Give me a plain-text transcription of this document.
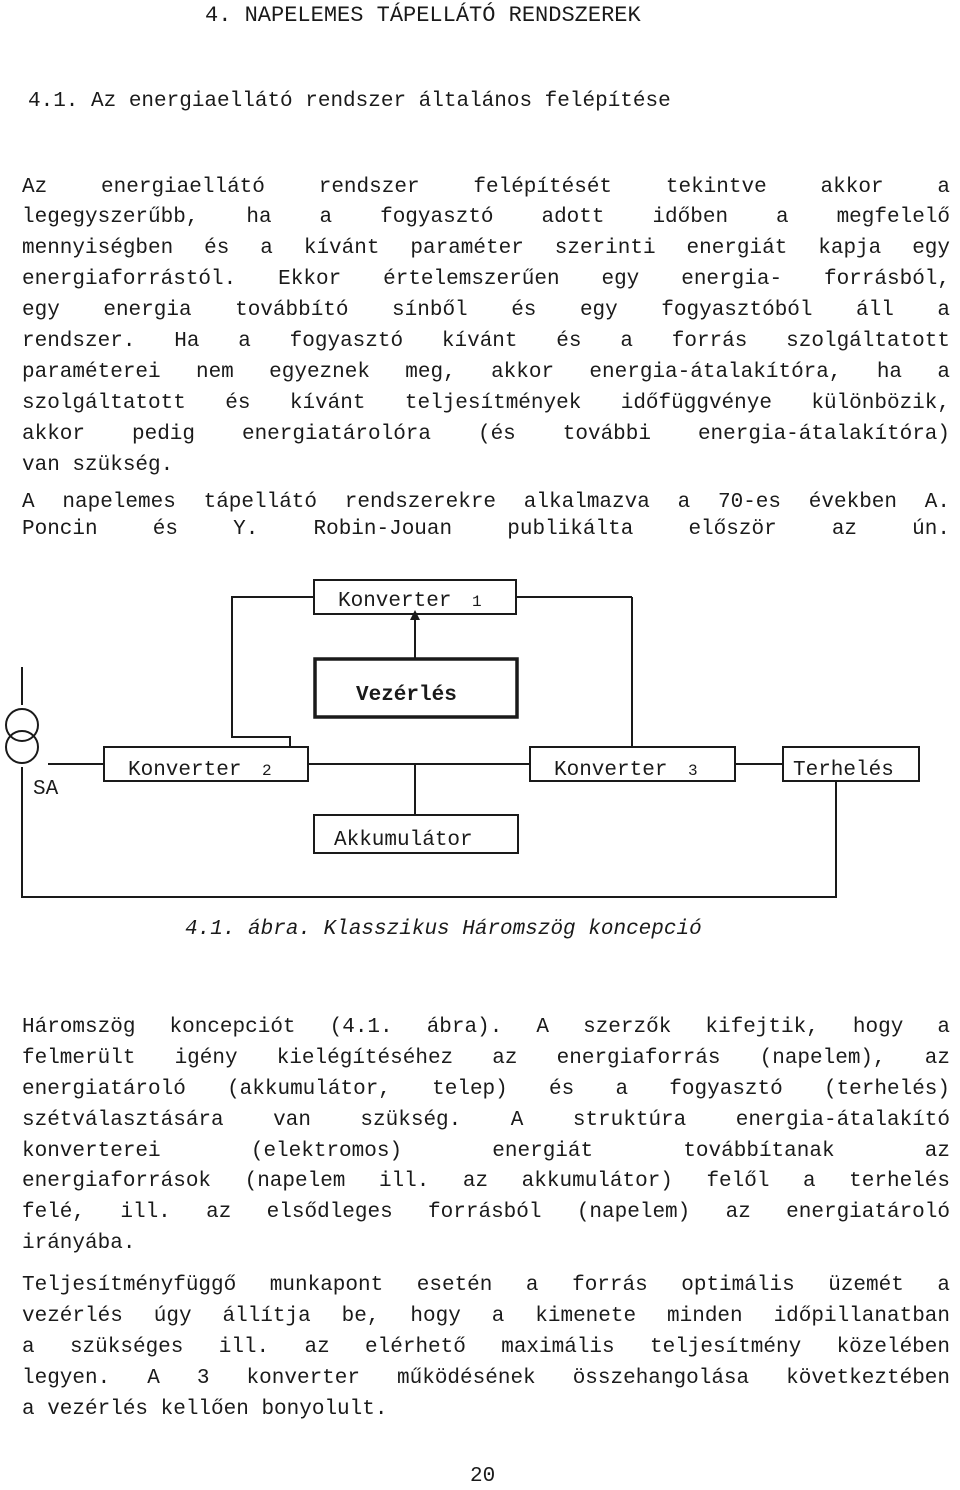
4. NAPELEMES TÁPELLÁTÓ RENDSZEREK
4.1. Az energiaellátó rendszer általános felépítése
Az energiaellátó rendszer felépítését tekintve akkor a
legegyszerűbb, ha a fogyasztó adott időben a megfelelő
mennyiségben és a kívánt paraméter szerinti energiát kapja egy
energiaforrástól. Ekkor értelemszerűen egy energia- forrásból,
egy energia továbbító sínből és egy fogyasztóból áll a
rendszer. Ha a fogyasztó kívánt és a forrás szolgáltatott
paraméterei nem egyeznek meg, akkor energia-átalakítóra, ha a
szolgáltatott és kívánt teljesítmények időfüggvénye különbözik,
akkor pedig energiatárolóra (és további energia-átalakítóra)
van szükség.
A napelemes tápellátó rendszerekre alkalmazva a 70-es években A.
Poncin és Y. Robin-Jouan publikálta először az ún.
Konverter 1
Vezérlés
SA
Konverter 2	Konverter 3	Terhelés
Akkumulátor
4.1. ábra. Klasszikus Háromszög koncepció
Háromszög koncepciót (4.1. ábra). A szerzők kifejtik, hogy a
felmerült igény kielégítéséhez az energiaforrás (napelem), az
energiatároló (akkumulátor, telep) és a fogyasztó (terhelés)
szétválasztására van szükség. A struktúra energia-átalakító
konverterei (elektromos) energiát továbbítanak az
energiaforrások (napelem ill. az akkumulátor) felől a terhelés
felé, ill. az elsődleges forrásból (napelem) az energiatároló
irányába.
Teljesítményfüggő munkapont esetén a forrás optimális üzemét a
vezérlés úgy állítja be, hogy a kimenete minden időpillanatban
a szükséges ill. az elérhető maximális teljesítmény közelében
legyen. A 3 konverter működésének összehangolása következtében
a vezérlés kellően bonyolult.
20
